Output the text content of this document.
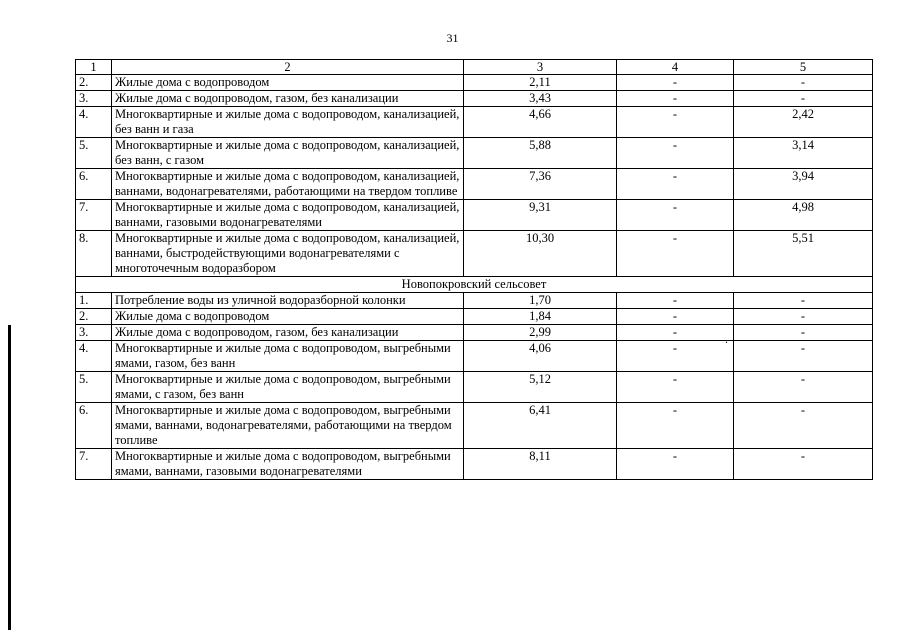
31
1	2	3	4	5
2.	Жилые дома с водопроводом	2,11	-	-
3.	Жилые дома с водопроводом, газом, без канализации	3,43	-	-
4.	Многоквартирные и жилые дома с водопроводом, канализацией, без ванн и газа	4,66	-	2,42
5.	Многоквартирные и жилые дома с водопроводом, канализацией, без ванн, с газом	5,88	-	3,14
6.	Многоквартирные и жилые дома с водопроводом, канализацией, ваннами, водонагревателями, работающими на твердом топливе	7,36	-	3,94
7.	Многоквартирные и жилые дома с водопроводом, канализацией, ваннами, газовыми водонагревателями	9,31	-	4,98
8.	Многоквартирные и жилые дома с водопроводом, канализацией, ваннами, быстродействующими водонагревателями с многоточечным водоразбором	10,30	-	5,51
Новопокровский сельсовет				
1.	Потребление воды из уличной водоразборной колонки	1,70	-	-
2.	Жилые дома с водопроводом	1,84	-	-
3.	Жилые дома с водопроводом, газом, без канализации	2,99	-	-
4.	Многоквартирные и жилые дома с водопроводом, выгребными ямами, газом, без ванн	4,06	-	-
5.	Многоквартирные и жилые дома с водопроводом, выгребными ямами, с газом, без ванн	5,12	-	-
6.	Многоквартирные и жилые дома с водопроводом, выгребными ямами, ваннами, водонагревателями, работающими на твердом топливе	6,41	-	-
7.	Многоквартирные и жилые дома с водопроводом, выгребными ямами, ваннами, газовыми водонагревателями	8,11	-	-
.
